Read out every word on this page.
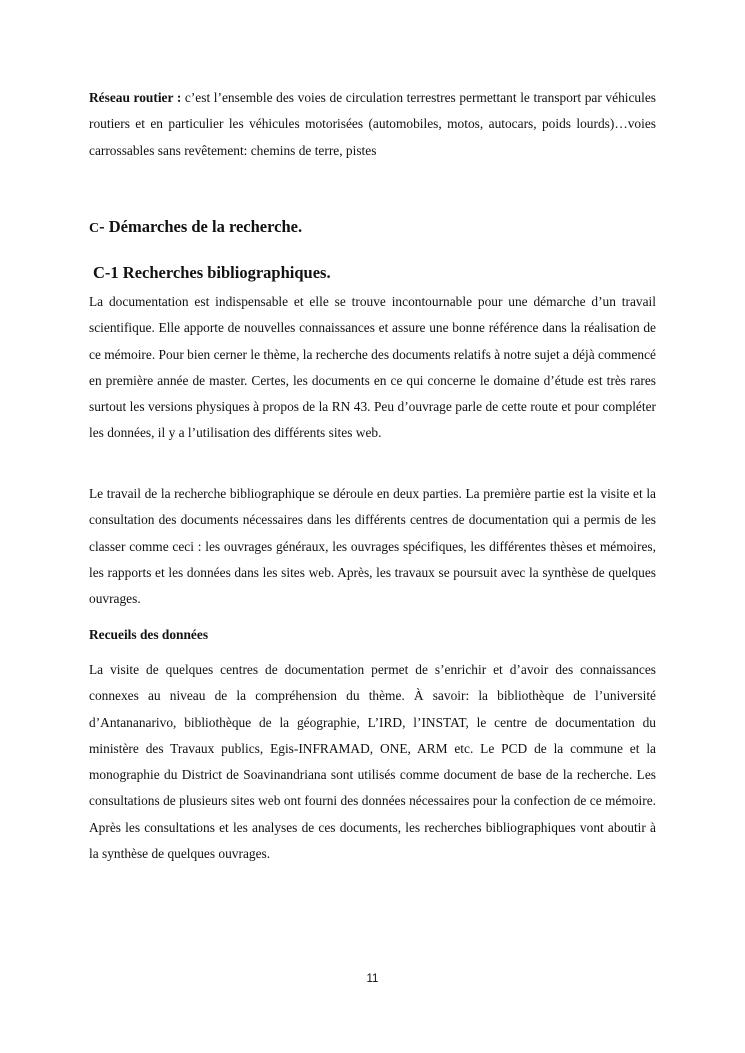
Réseau routier : c’est l’ensemble des voies de circulation terrestres permettant le transport par véhicules routiers et en particulier les véhicules motorisées (automobiles, motos, autocars, poids lourds)…voies carrossables sans revêtement: chemins de terre, pistes

C- Démarches de la recherche.
C-1 Recherches bibliographiques.

La documentation est indispensable et elle se trouve incontournable pour une démarche d’un travail scientifique. Elle apporte de nouvelles connaissances et assure une bonne référence dans la réalisation de ce mémoire. Pour bien cerner le thème, la recherche des documents relatifs à notre sujet a déjà commencé en première année de master. Certes, les documents en ce qui concerne le domaine d’étude est très rares surtout les versions physiques à propos de la RN 43. Peu d’ouvrage parle de cette route et pour compléter les données, il y a l’utilisation des différents sites web.

Le travail de la recherche bibliographique se déroule en deux parties. La première partie est la visite et la consultation des documents nécessaires dans les différents centres de documentation qui a permis de les classer comme ceci : les ouvrages généraux, les ouvrages spécifiques, les différentes thèses et mémoires, les rapports et les données dans les sites web. Après, les travaux se poursuit avec la synthèse de quelques ouvrages.

Recueils des données

La visite de quelques centres de documentation permet de s’enrichir et d’avoir des connaissances connexes au niveau de la compréhension du thème. À savoir: la bibliothèque de l’université d’Antananarivo, bibliothèque de la géographie, L’IRD, l’INSTAT, le centre de documentation du ministère des Travaux publics, Egis-INFRAMAD, ONE, ARM etc. Le PCD de la commune et la monographie du District de Soavinandriana sont utilisés comme document de base de la recherche. Les consultations de plusieurs sites web ont fourni des données nécessaires pour la confection de ce mémoire. Après les consultations et les analyses de ces documents, les recherches bibliographiques vont aboutir à la synthèse de quelques ouvrages.

11
